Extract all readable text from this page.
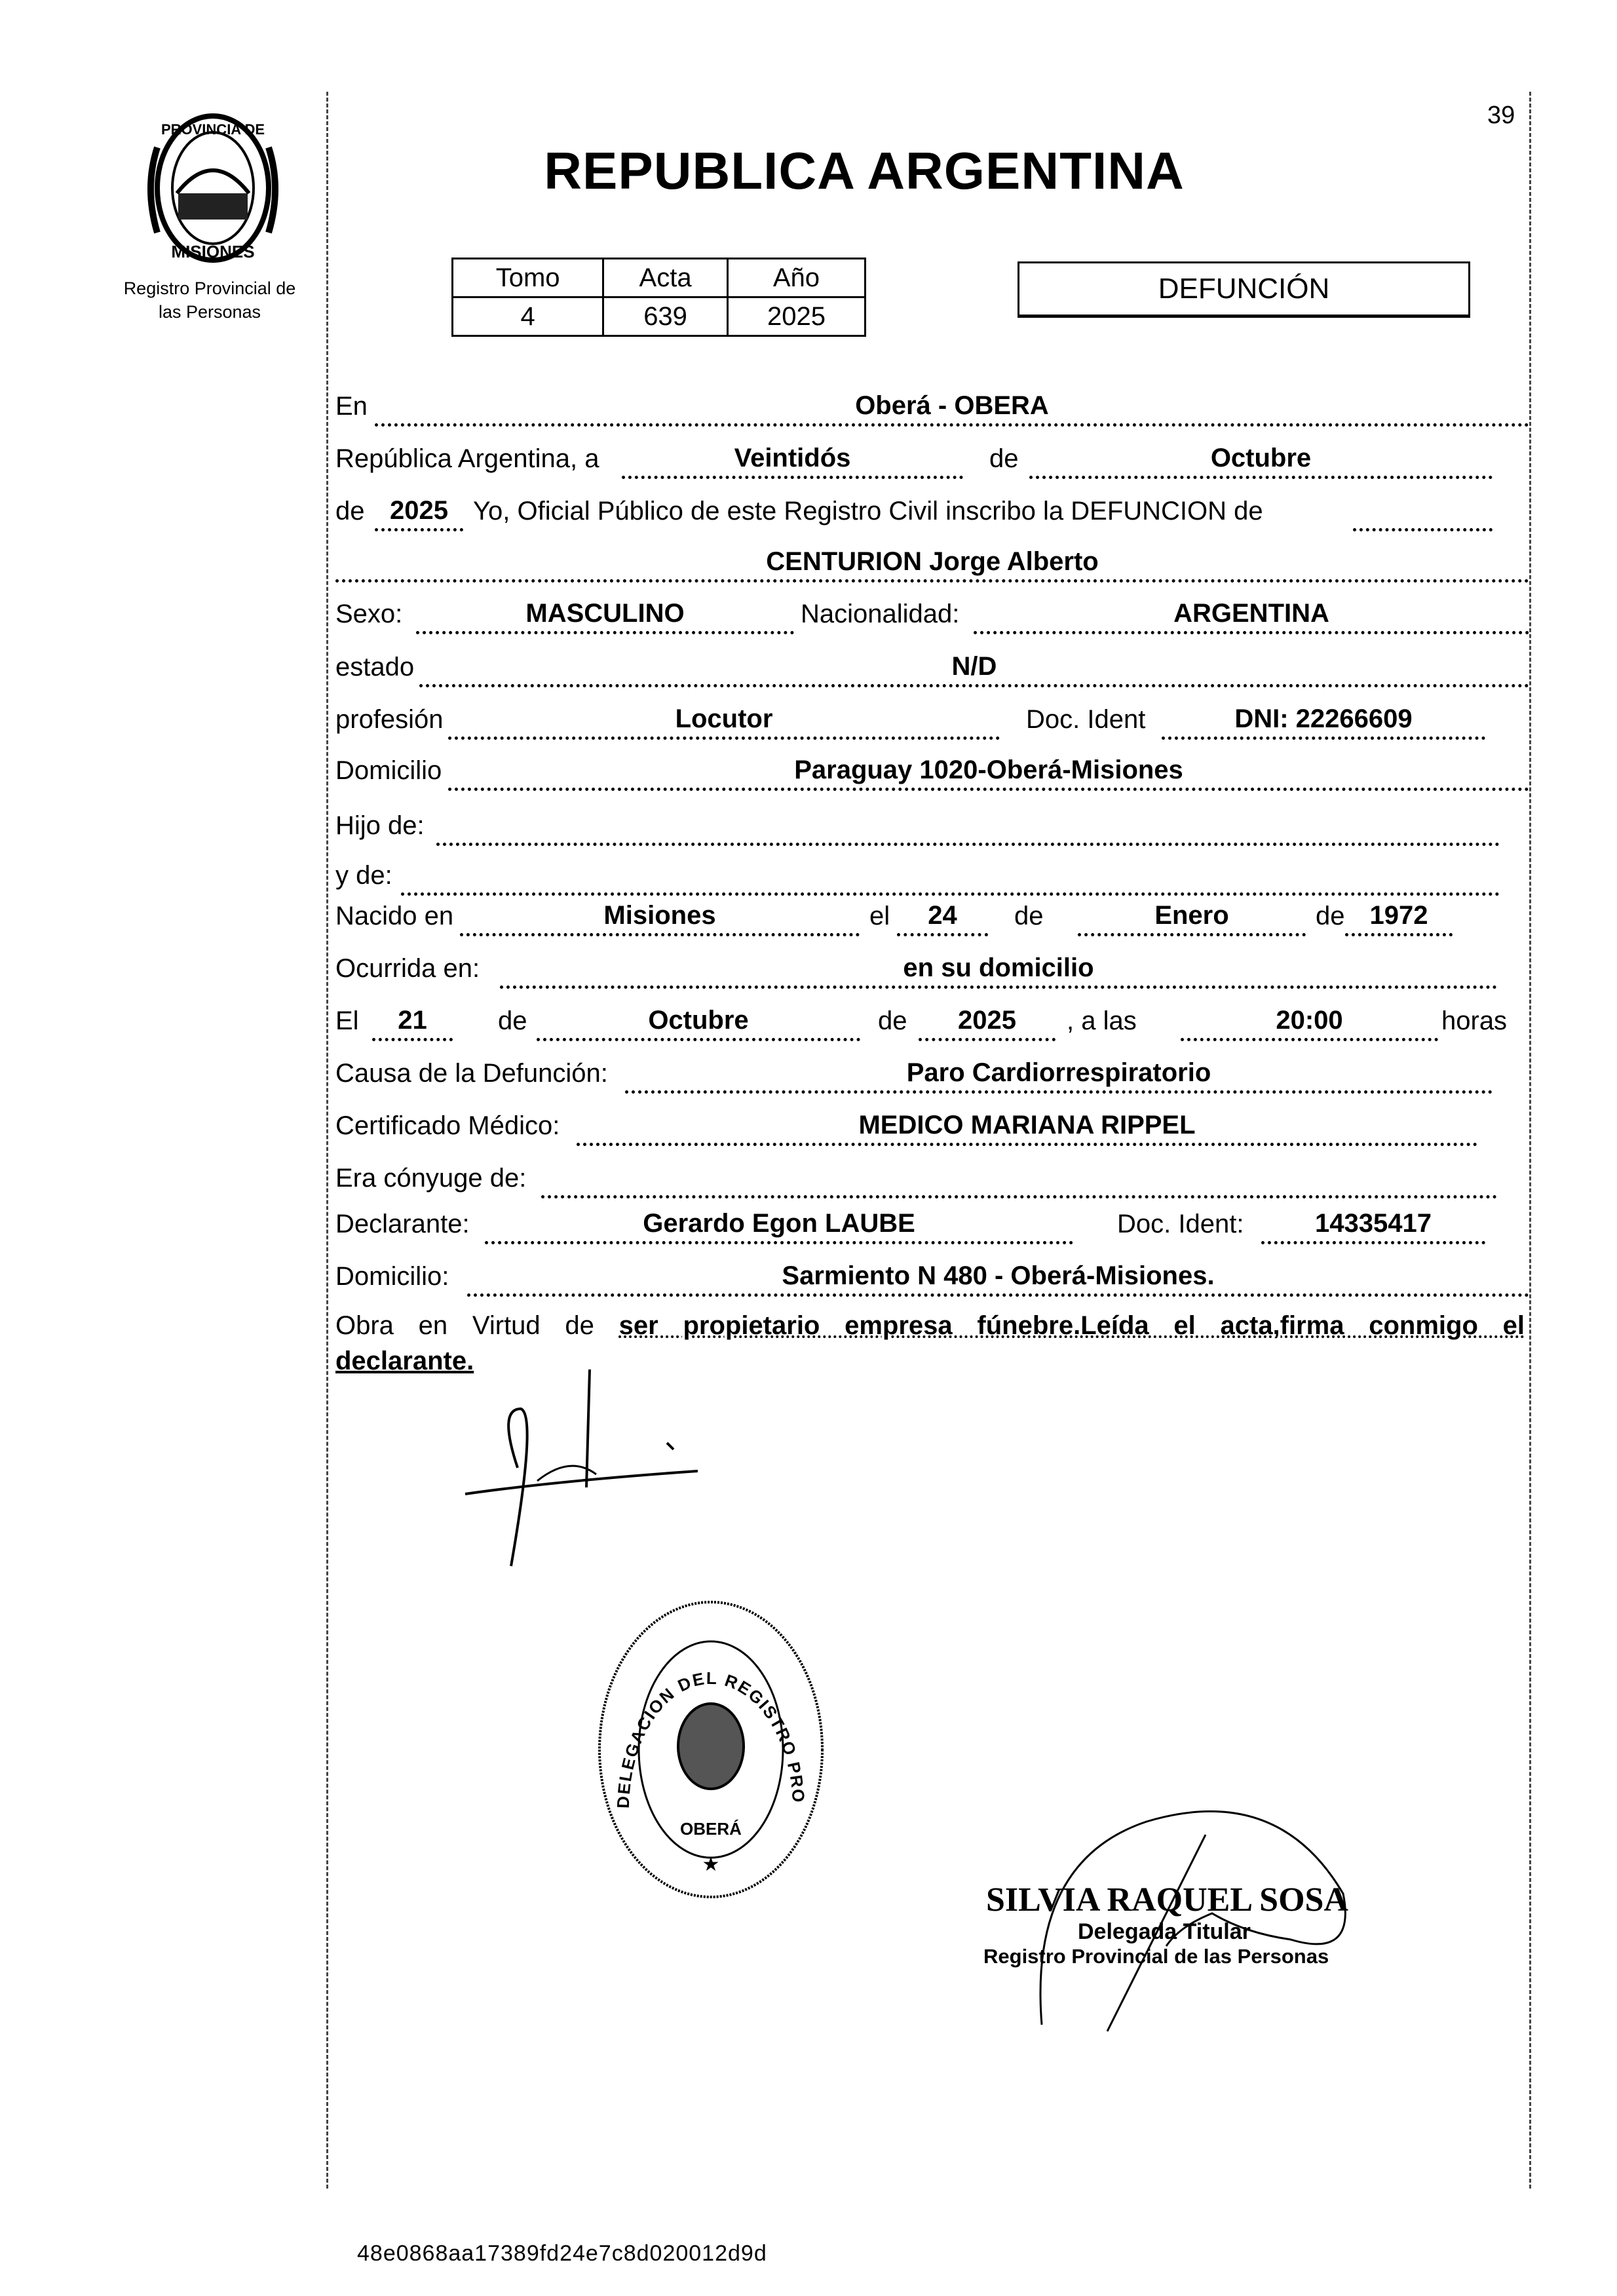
PROVINCIA DE
MISIONES
Registro Provincial de
las Personas
39
REPUBLICA ARGENTINA
Tomo	Acta	Año
4	639	2025
DEFUNCIÓN
En	Oberá - OBERA
República Argentina, a	Veintidós	de	Octubre
de 2025 Yo, Oficial Público de este Registro Civil inscribo la DEFUNCION de
CENTURION Jorge Alberto
Sexo:	MASCULINO	Nacionalidad:	ARGENTINA
estado	N/D
profesión	Locutor	Doc. Ident	DNI: 22266609
Domicilio	Paraguay 1020-Oberá-Misiones
Hijo de:
y de:
Nacido en	Misiones	el	24	de	Enero	de 1972
Ocurrida en:	en su domicilio
El	21	de	Octubre	de	2025	, a las	20:00	horas
Causa de la Defunción:	Paro Cardiorrespiratorio
Certificado Médico:	MEDICO MARIANA RIPPEL
Era cónyuge de:
Declarante:	Gerardo Egon LAUBE	Doc. Ident:	14335417
Domicilio:	Sarmiento N 480 - Oberá-Misiones.
Obra en Virtud de ser propietario empresa fúnebre.Leída el acta,firma conmigo el
declarante.
DELEGACION DEL REGISTRO PRO
OBERÁ
★
SILVIA RAQUEL SOSA
Delegada Titular
Registro Provincial de las Personas
48e0868aa17389fd24e7c8d020012d9d
